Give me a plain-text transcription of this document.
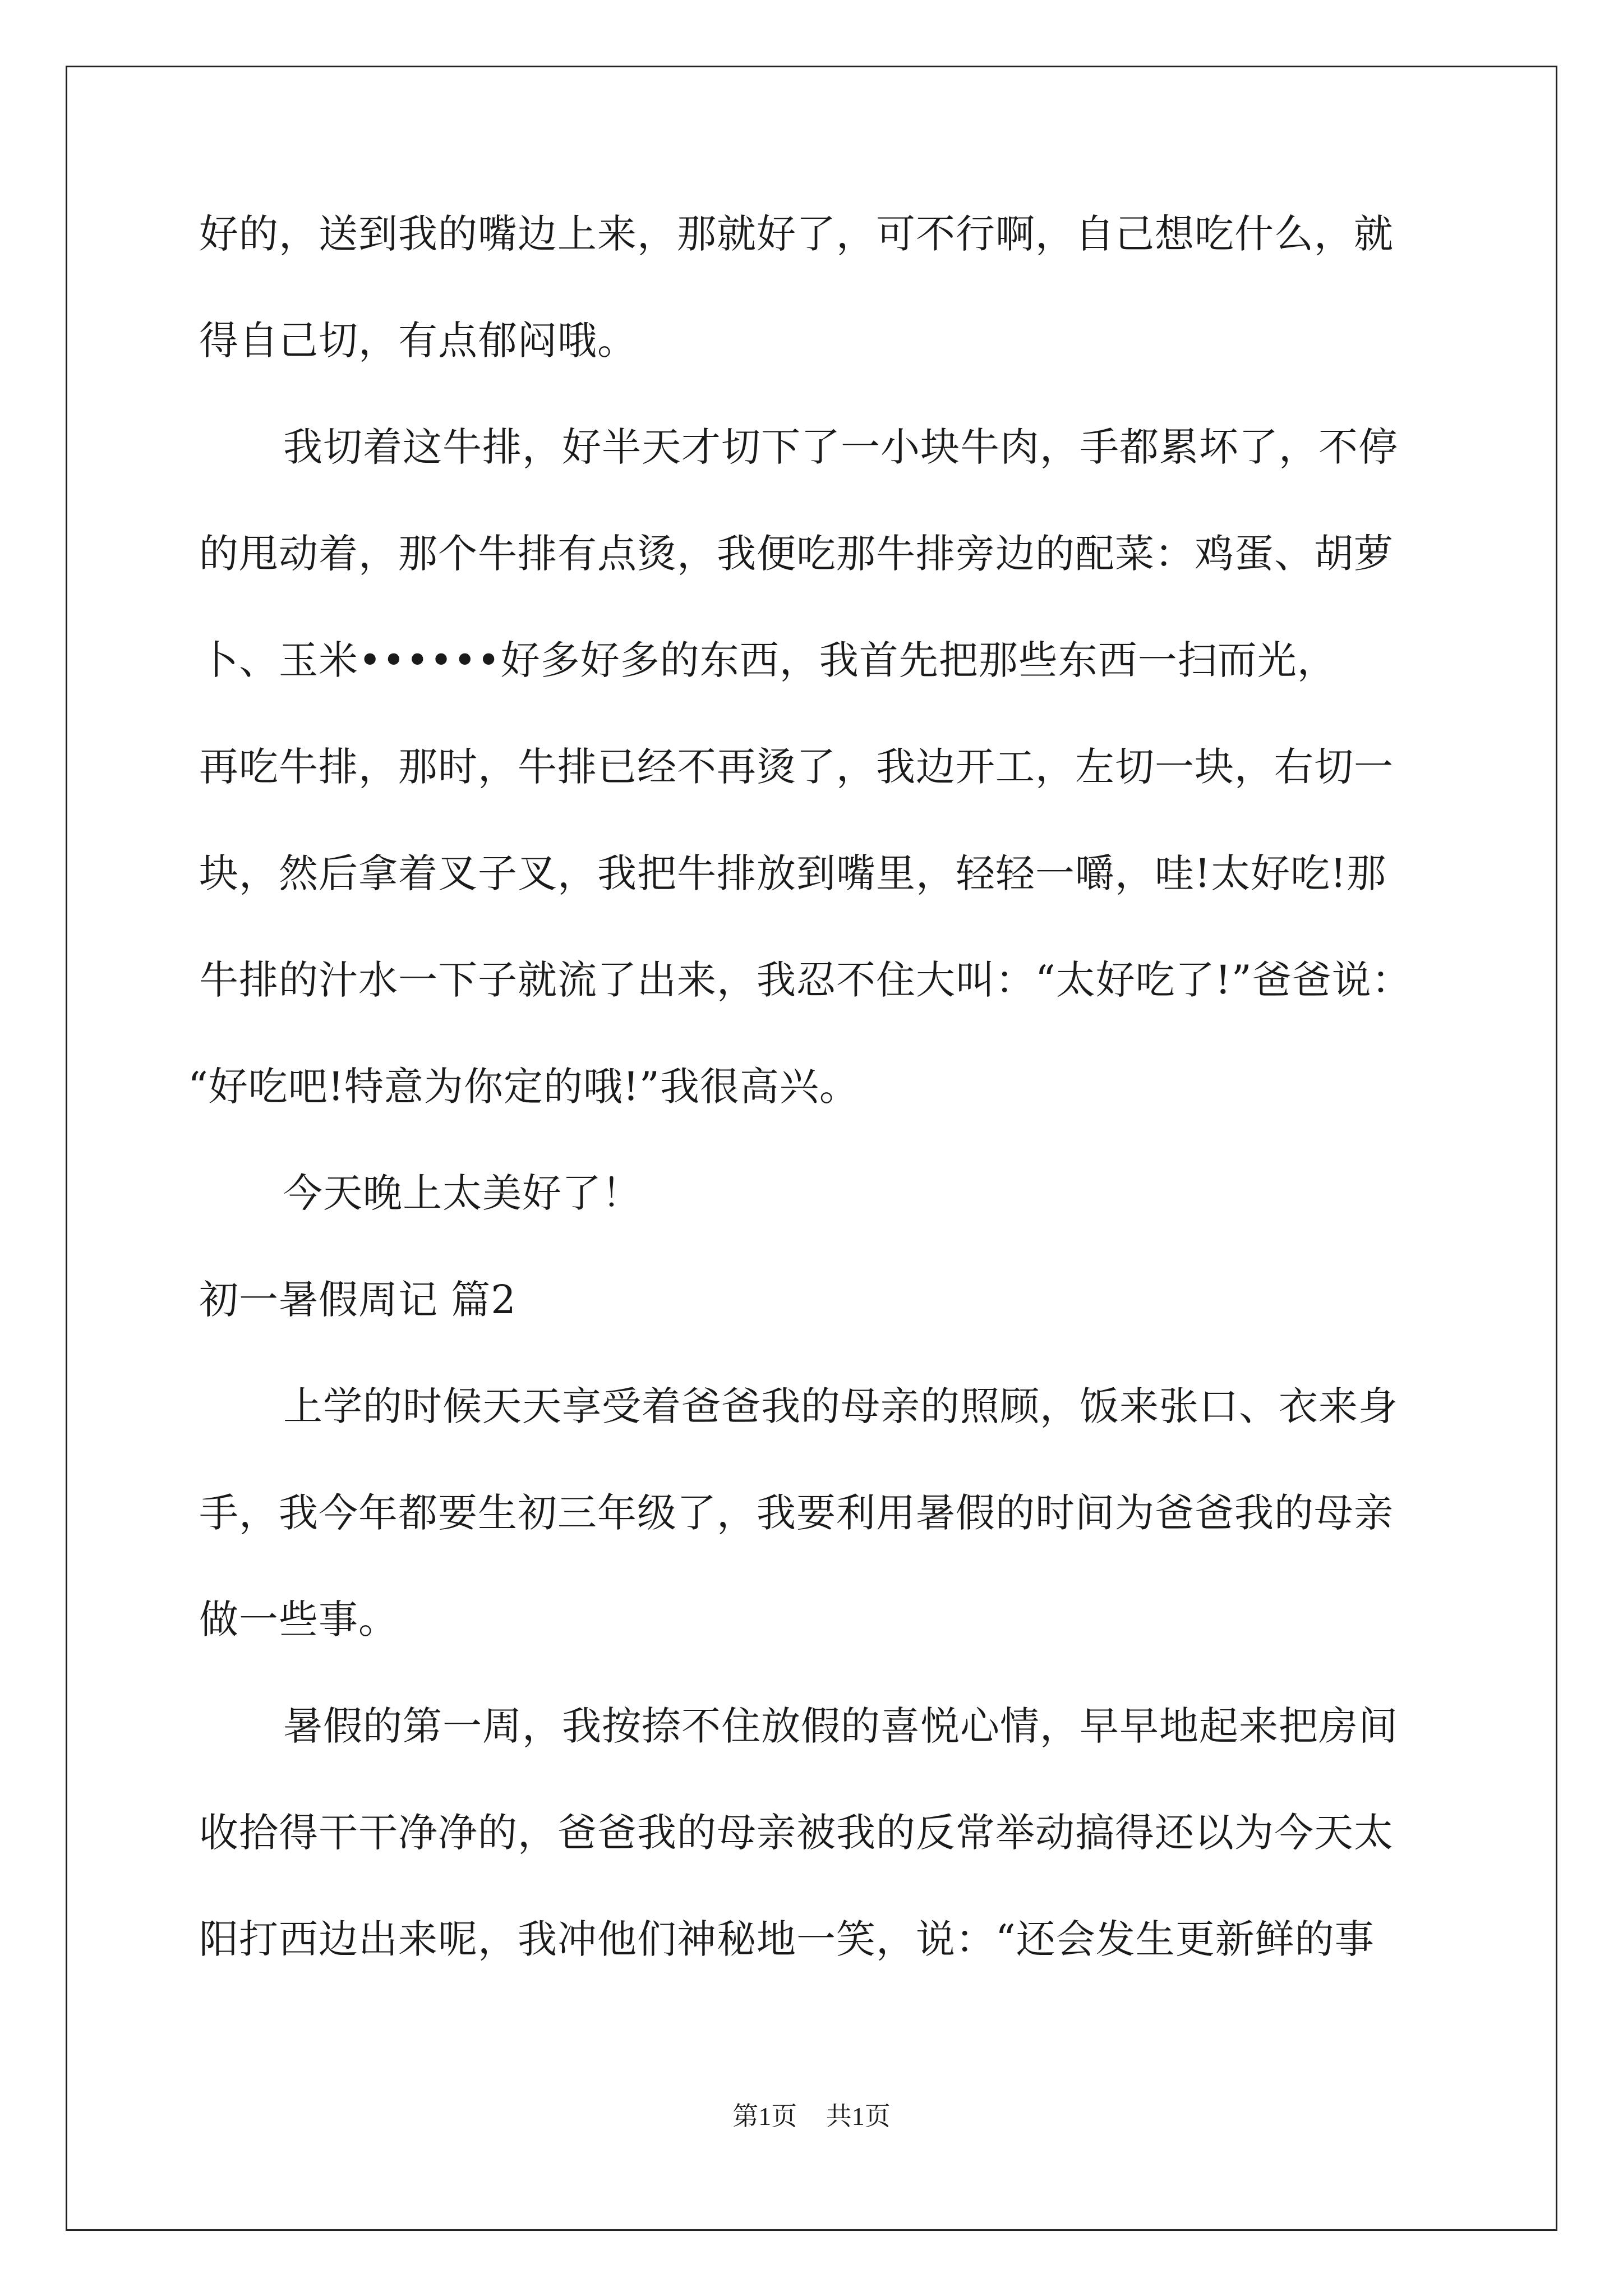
好的，送到我的嘴边上来，那就好了，可不行啊，自己想吃什么，就

得自己切，有点郁闷哦。

我切着这牛排，好半天才切下了一小块牛肉，手都累坏了，不停

的甩动着，那个牛排有点烫，我便吃那牛排旁边的配菜：鸡蛋、胡萝

卜、玉米••••••好多好多的东西，我首先把那些东西一扫而光，

再吃牛排，那时，牛排已经不再烫了，我边开工，左切一块，右切一

块，然后拿着叉子叉，我把牛排放到嘴里，轻轻一嚼，哇!太好吃!那

牛排的汁水一下子就流了出来，我忍不住大叫：“太好吃了!”爸爸说：

“好吃吧!特意为你定的哦!”我很高兴。

今天晚上太美好了！

初一暑假周记 篇2

上学的时候天天享受着爸爸我的母亲的照顾，饭来张口、衣来身

手，我今年都要生初三年级了，我要利用暑假的时间为爸爸我的母亲

做一些事。

暑假的第一周，我按捺不住放假的喜悦心情，早早地起来把房间

收拾得干干净净的，爸爸我的母亲被我的反常举动搞得还以为今天太

阳打西边出来呢，我冲他们神秘地一笑，说：“还会发生更新鲜的事

第1页 共1页
